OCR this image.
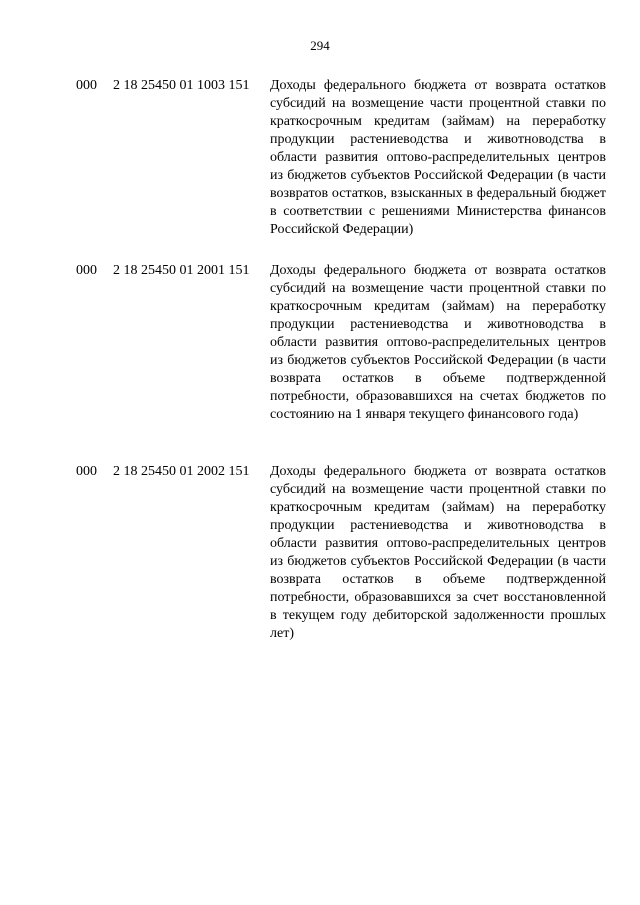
294
000 2 18 25450 01 1003 151 Доходы федерального бюджета от возврата остатков субсидий на возмещение части процентной ставки по краткосрочным кредитам (займам) на переработку продукции растениеводства и животноводства в области развития оптово-распределительных центров из бюджетов субъектов Российской Федерации (в части возвратов остатков, взысканных в федеральный бюджет в соответствии с решениями Министерства финансов Российской Федерации)
000 2 18 25450 01 2001 151 Доходы федерального бюджета от возврата остатков субсидий на возмещение части процентной ставки по краткосрочным кредитам (займам) на переработку продукции растениеводства и животноводства в области развития оптово-распределительных центров из бюджетов субъектов Российской Федерации (в части возврата остатков в объеме подтвержденной потребности, образовавшихся на счетах бюджетов по состоянию на 1 января текущего финансового года)
000 2 18 25450 01 2002 151 Доходы федерального бюджета от возврата остатков субсидий на возмещение части процентной ставки по краткосрочным кредитам (займам) на переработку продукции растениеводства и животноводства в области развития оптово-распределительных центров из бюджетов субъектов Российской Федерации (в части возврата остатков в объеме подтвержденной потребности, образовавшихся за счет восстановленной в текущем году дебиторской задолженности прошлых лет)
